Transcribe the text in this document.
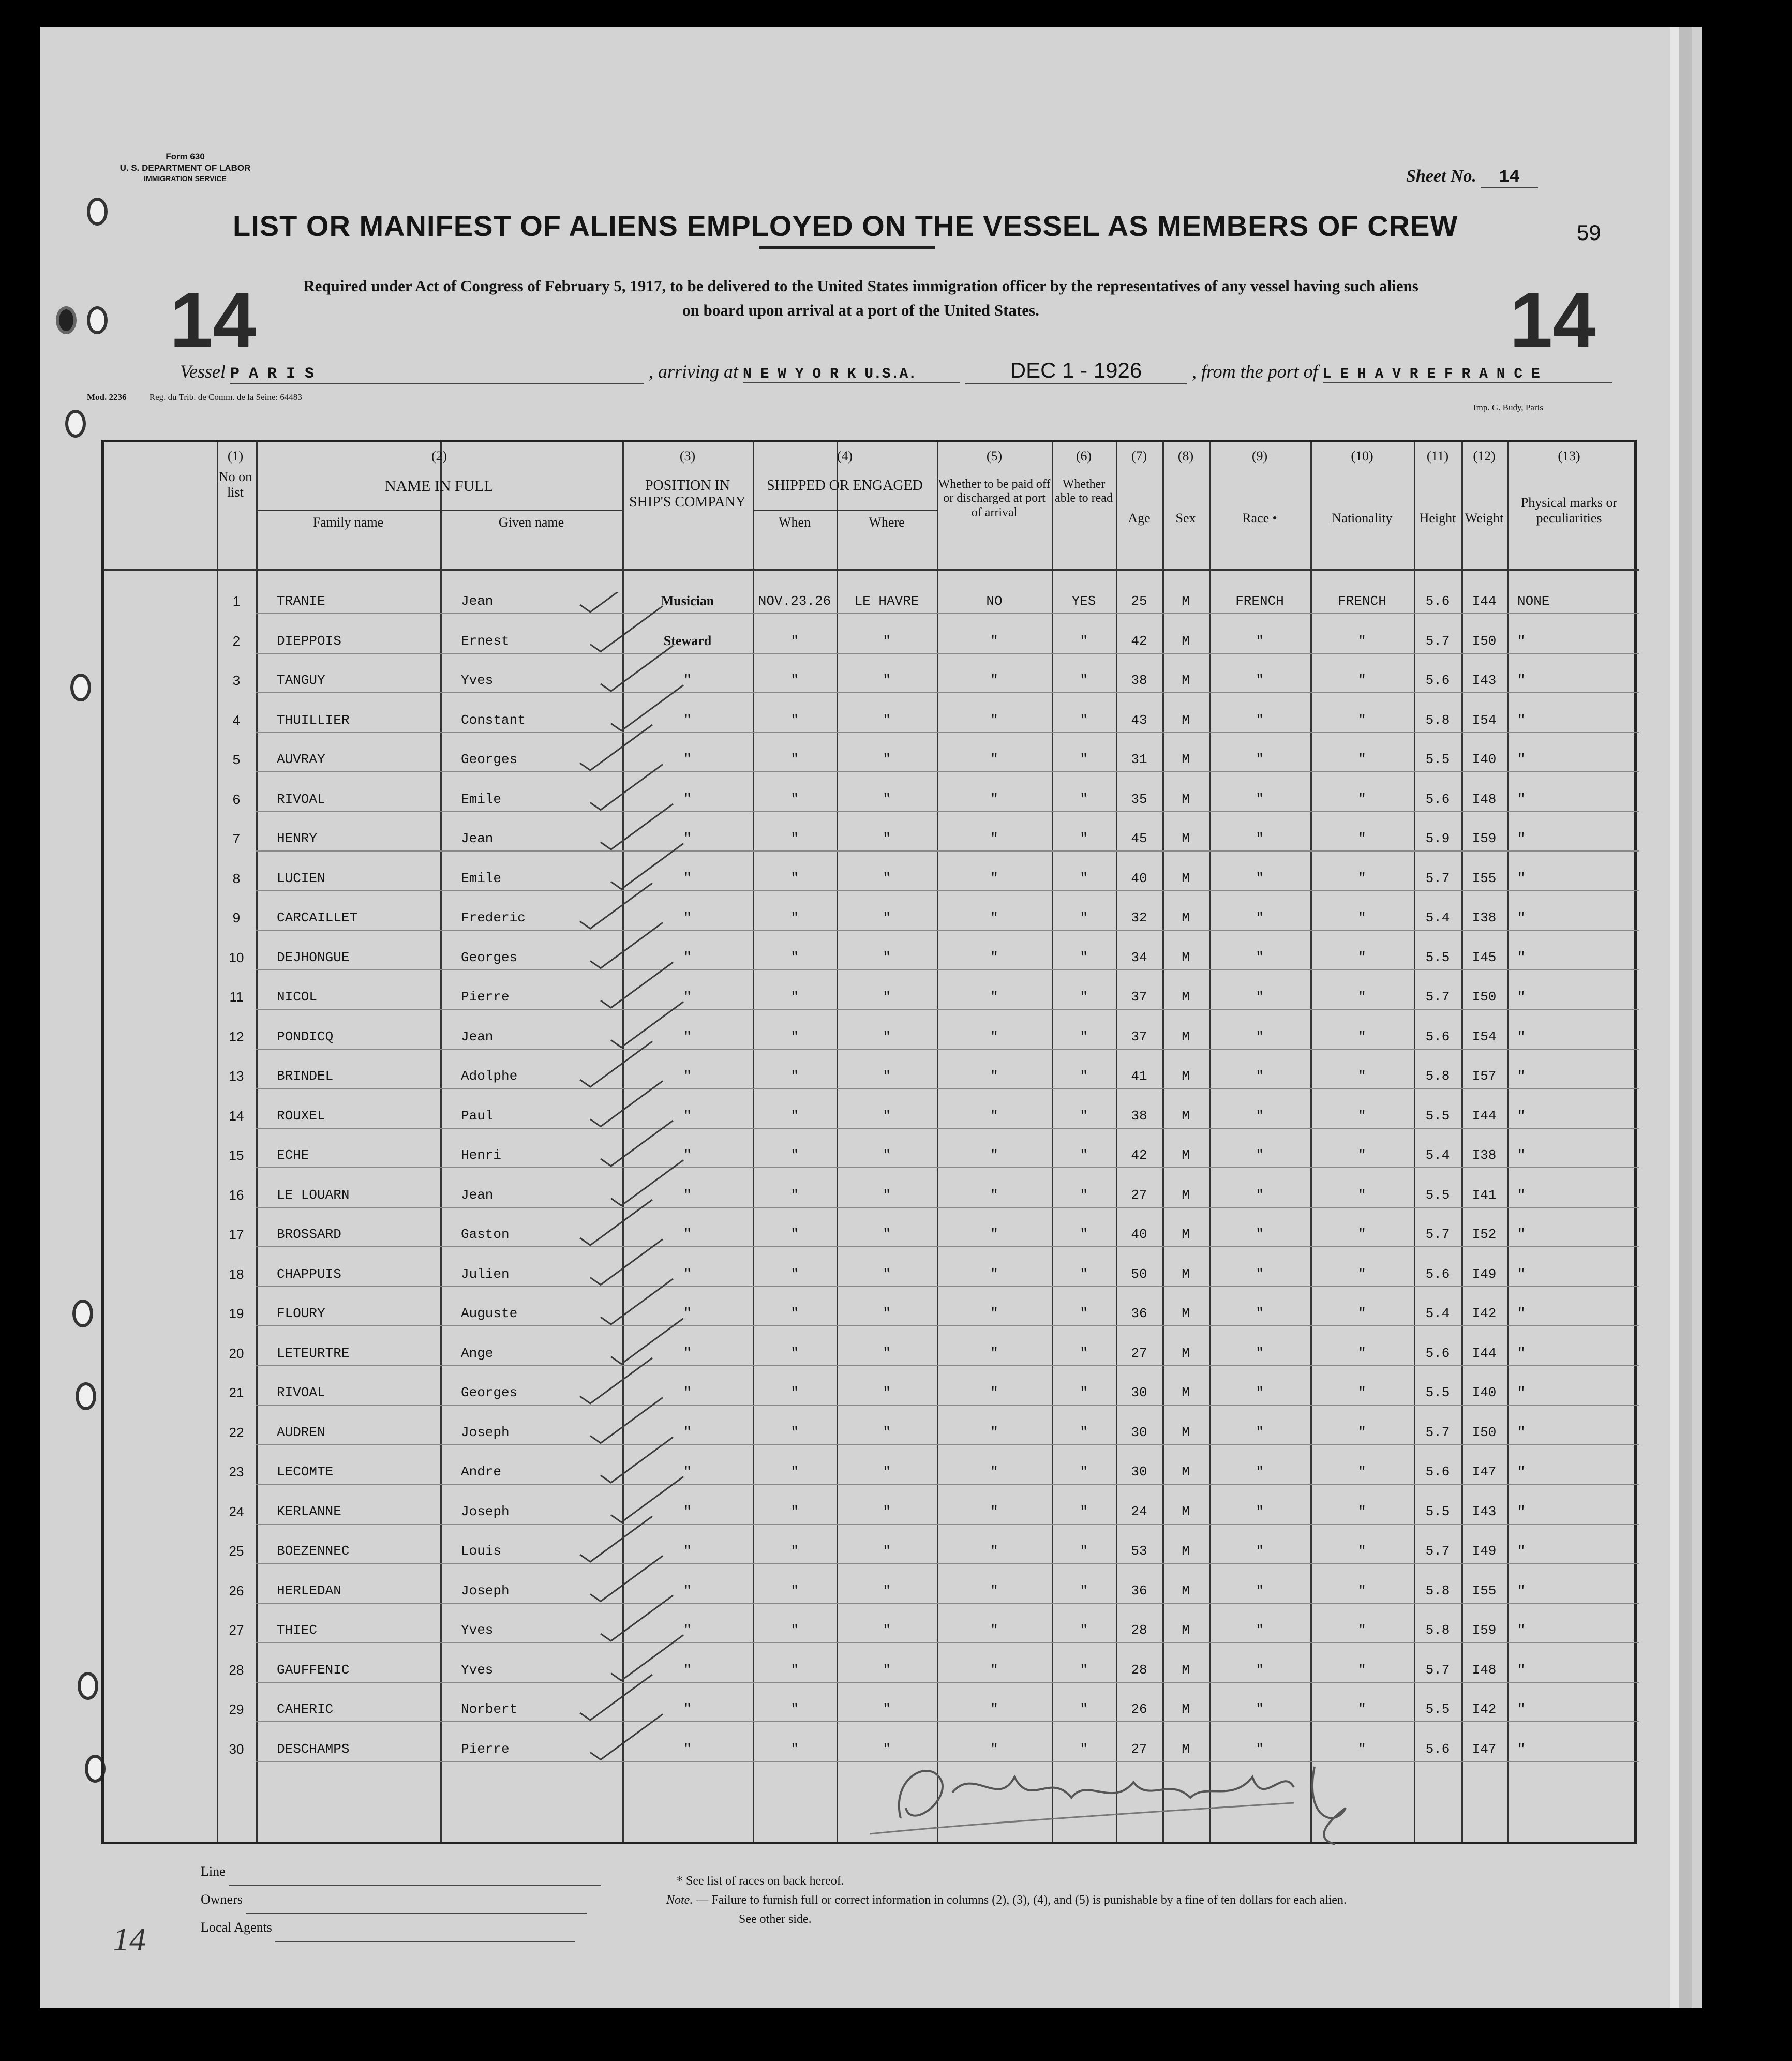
Form 630
U. S. DEPARTMENT OF LABOR
IMMIGRATION SERVICE	Sheet No. 14
LIST OR MANIFEST OF ALIENS EMPLOYED ON THE VESSEL AS MEMBERS OF CREW	59
Required under Act of Congress of February 5, 1917, to be delivered to the United States immigration officer by the representatives of any vessel having such aliens
on board upon arrival at a port of the United States.
14	14
Vessel P A R I S	, arriving at N E W Y O R K U.S.A.	DEC 1 - 1926	, from the port of L E H A V R E F R A N C E
Mod. 2236	Reg. du Trib. de Comm. de la Seine: 64483
Imp. G. Budy, Paris
(1)
No on list
(2)
NAME IN FULL
Family name	Given name
(3)
POSITION IN SHIP'S COMPANY
(4)
SHIPPED OR ENGAGED
When	Where
(5)
Whether to be paid off or discharged at port of arrival
(6)
Whether able to read
(7)
Age
(8)
Sex
(9)
Race •
(10)
Nationality
(11)
Height
(12)
Weight
(13)
Physical marks or peculiarities
1	TRANIE	Jean	Musician	NOV.23.26	LE HAVRE	NO	YES	25	M	FRENCH	FRENCH	5.6	I44	NONE
2	DIEPPOIS	Ernest	Steward	"	"	"	"	42	M	"	"	5.7	I50	"
3	TANGUY	Yves	"	"	"	"	"	38	M	"	"	5.6	I43	"
4	THUILLIER	Constant	"	"	"	"	"	43	M	"	"	5.8	I54	"
5	AUVRAY	Georges	"	"	"	"	"	31	M	"	"	5.5	I40	"
6	RIVOAL	Emile	"	"	"	"	"	35	M	"	"	5.6	I48	"
7	HENRY	Jean	"	"	"	"	"	45	M	"	"	5.9	I59	"
8	LUCIEN	Emile	"	"	"	"	"	40	M	"	"	5.7	I55	"
9	CARCAILLET	Frederic	"	"	"	"	"	32	M	"	"	5.4	I38	"
10	DEJHONGUE	Georges	"	"	"	"	"	34	M	"	"	5.5	I45	"
11	NICOL	Pierre	"	"	"	"	"	37	M	"	"	5.7	I50	"
12	PONDICQ	Jean	"	"	"	"	"	37	M	"	"	5.6	I54	"
13	BRINDEL	Adolphe	"	"	"	"	"	41	M	"	"	5.8	I57	"
14	ROUXEL	Paul	"	"	"	"	"	38	M	"	"	5.5	I44	"
15	ECHE	Henri	"	"	"	"	"	42	M	"	"	5.4	I38	"
16	LE LOUARN	Jean	"	"	"	"	"	27	M	"	"	5.5	I41	"
17	BROSSARD	Gaston	"	"	"	"	"	40	M	"	"	5.7	I52	"
18	CHAPPUIS	Julien	"	"	"	"	"	50	M	"	"	5.6	I49	"
19	FLOURY	Auguste	"	"	"	"	"	36	M	"	"	5.4	I42	"
20	LETEURTRE	Ange	"	"	"	"	"	27	M	"	"	5.6	I44	"
21	RIVOAL	Georges	"	"	"	"	"	30	M	"	"	5.5	I40	"
22	AUDREN	Joseph	"	"	"	"	"	30	M	"	"	5.7	I50	"
23	LECOMTE	Andre	"	"	"	"	"	30	M	"	"	5.6	I47	"
24	KERLANNE	Joseph	"	"	"	"	"	24	M	"	"	5.5	I43	"
25	BOEZENNEC	Louis	"	"	"	"	"	53	M	"	"	5.7	I49	"
26	HERLEDAN	Joseph	"	"	"	"	"	36	M	"	"	5.8	I55	"
27	THIEC	Yves	"	"	"	"	"	28	M	"	"	5.8	I59	"
28	GAUFFENIC	Yves	"	"	"	"	"	28	M	"	"	5.7	I48	"
29	CAHERIC	Norbert	"	"	"	"	"	26	M	"	"	5.5	I42	"
30	DESCHAMPS	Pierre	"	"	"	"	"	27	M	"	"	5.6	I47	"
Line
Owners
Local Agents
* See list of races on back hereof.
Note. — Failure to furnish full or correct information in columns (2), (3), (4), and (5) is punishable by a fine of ten dollars for each alien.
See other side.
14
